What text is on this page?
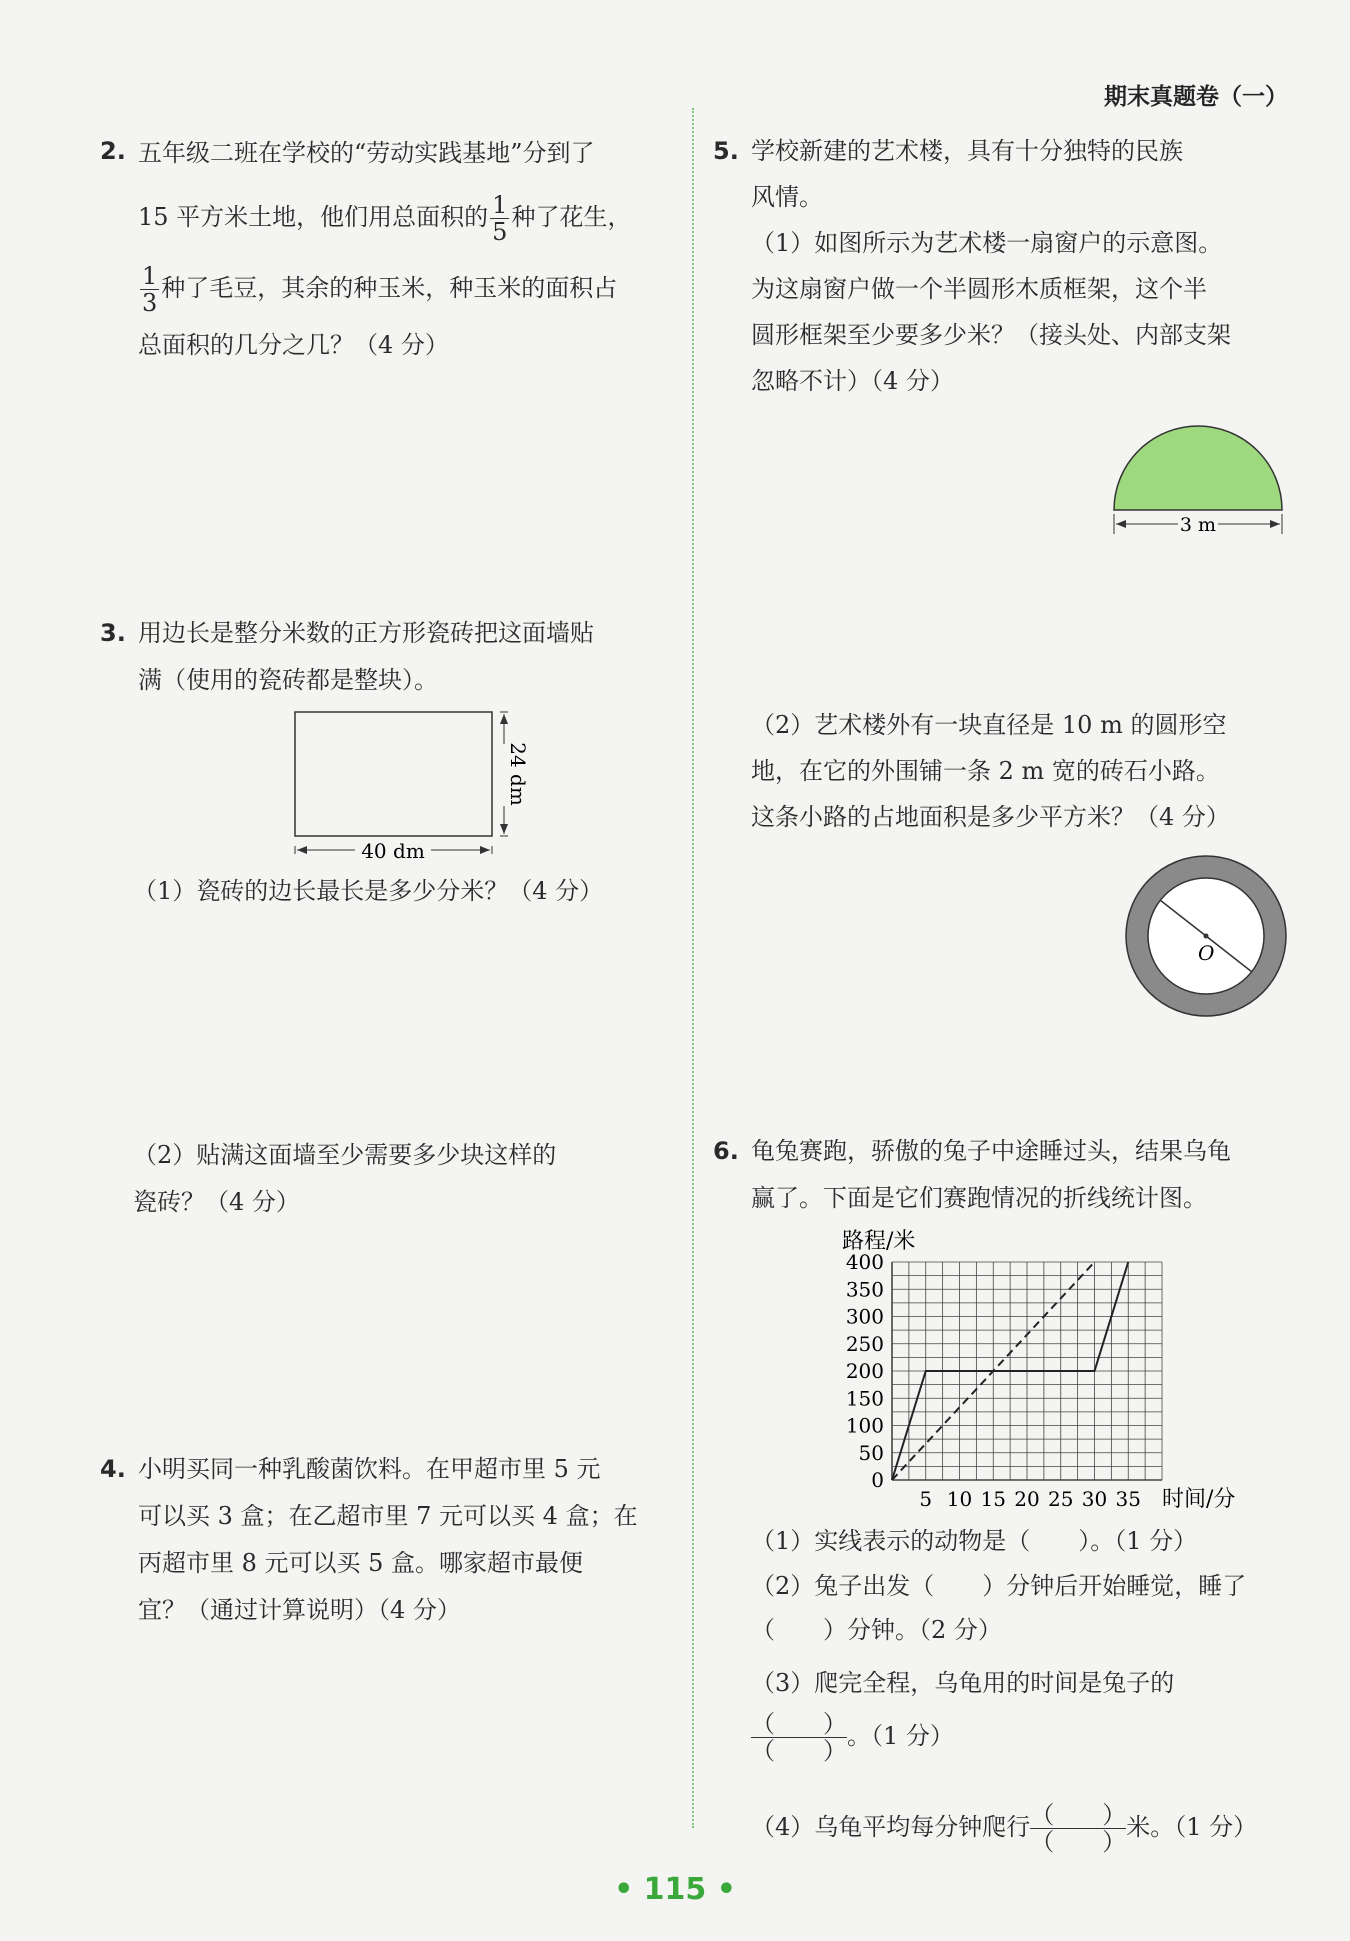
期末真题卷（一）
2. 五年级二班在学校的“劳动实践基地”分到了
15 平方米土地，他们用总面积的 $\frac{1}{5}$ 种了花生，
$\frac{1}{3}$ 种了毛豆，其余的种玉米，种玉米的面积占
总面积的几分之几？（4 分）
3. 用边长是整分米数的正方形瓷砖把这面墙贴
满（使用的瓷砖都是整块）。
40 dm
24 dm
（1）瓷砖的边长最长是多少分米？（4 分）
（2）贴满这面墙至少需要多少块这样的
瓷砖？（4 分）
4. 小明买同一种乳酸菌饮料。在甲超市里 5 元
可以买 3 盒；在乙超市里 7 元可以买 4 盒；在
丙超市里 8 元可以买 5 盒。哪家超市最便
宜？（通过计算说明）（4 分）
5. 学校新建的艺术楼，具有十分独特的民族
风情。
（1）如图所示为艺术楼一扇窗户的示意图。
为这扇窗户做一个半圆形木质框架，这个半
圆形框架至少要多少米？（接头处、内部支架
忽略不计）（4 分）
3 m
（2）艺术楼外有一块直径是 10 m 的圆形空
地，在它的外围铺一条 2 m 宽的砖石小路。
这条小路的占地面积是多少平方米？（4 分）
O
6. 龟兔赛跑，骄傲的兔子中途睡过头，结果乌龟
赢了。下面是它们赛跑情况的折线统计图。
0
50
100
150
200
250
300
350
400
5 10 15 20 25 30 35
路程/米
时间/分
（1）实线表示的动物是（　　）。（1 分）
（2）兔子出发（　　）分钟后开始睡觉，睡了
（　　）分钟。（2 分）
（3）爬完全程，乌龟用的时间是兔子的
$\frac{( )}{( )}$。（1 分）
（4）乌龟平均每分钟爬行 $\frac{( )}{( )}$米。（1 分）
• 115 •
